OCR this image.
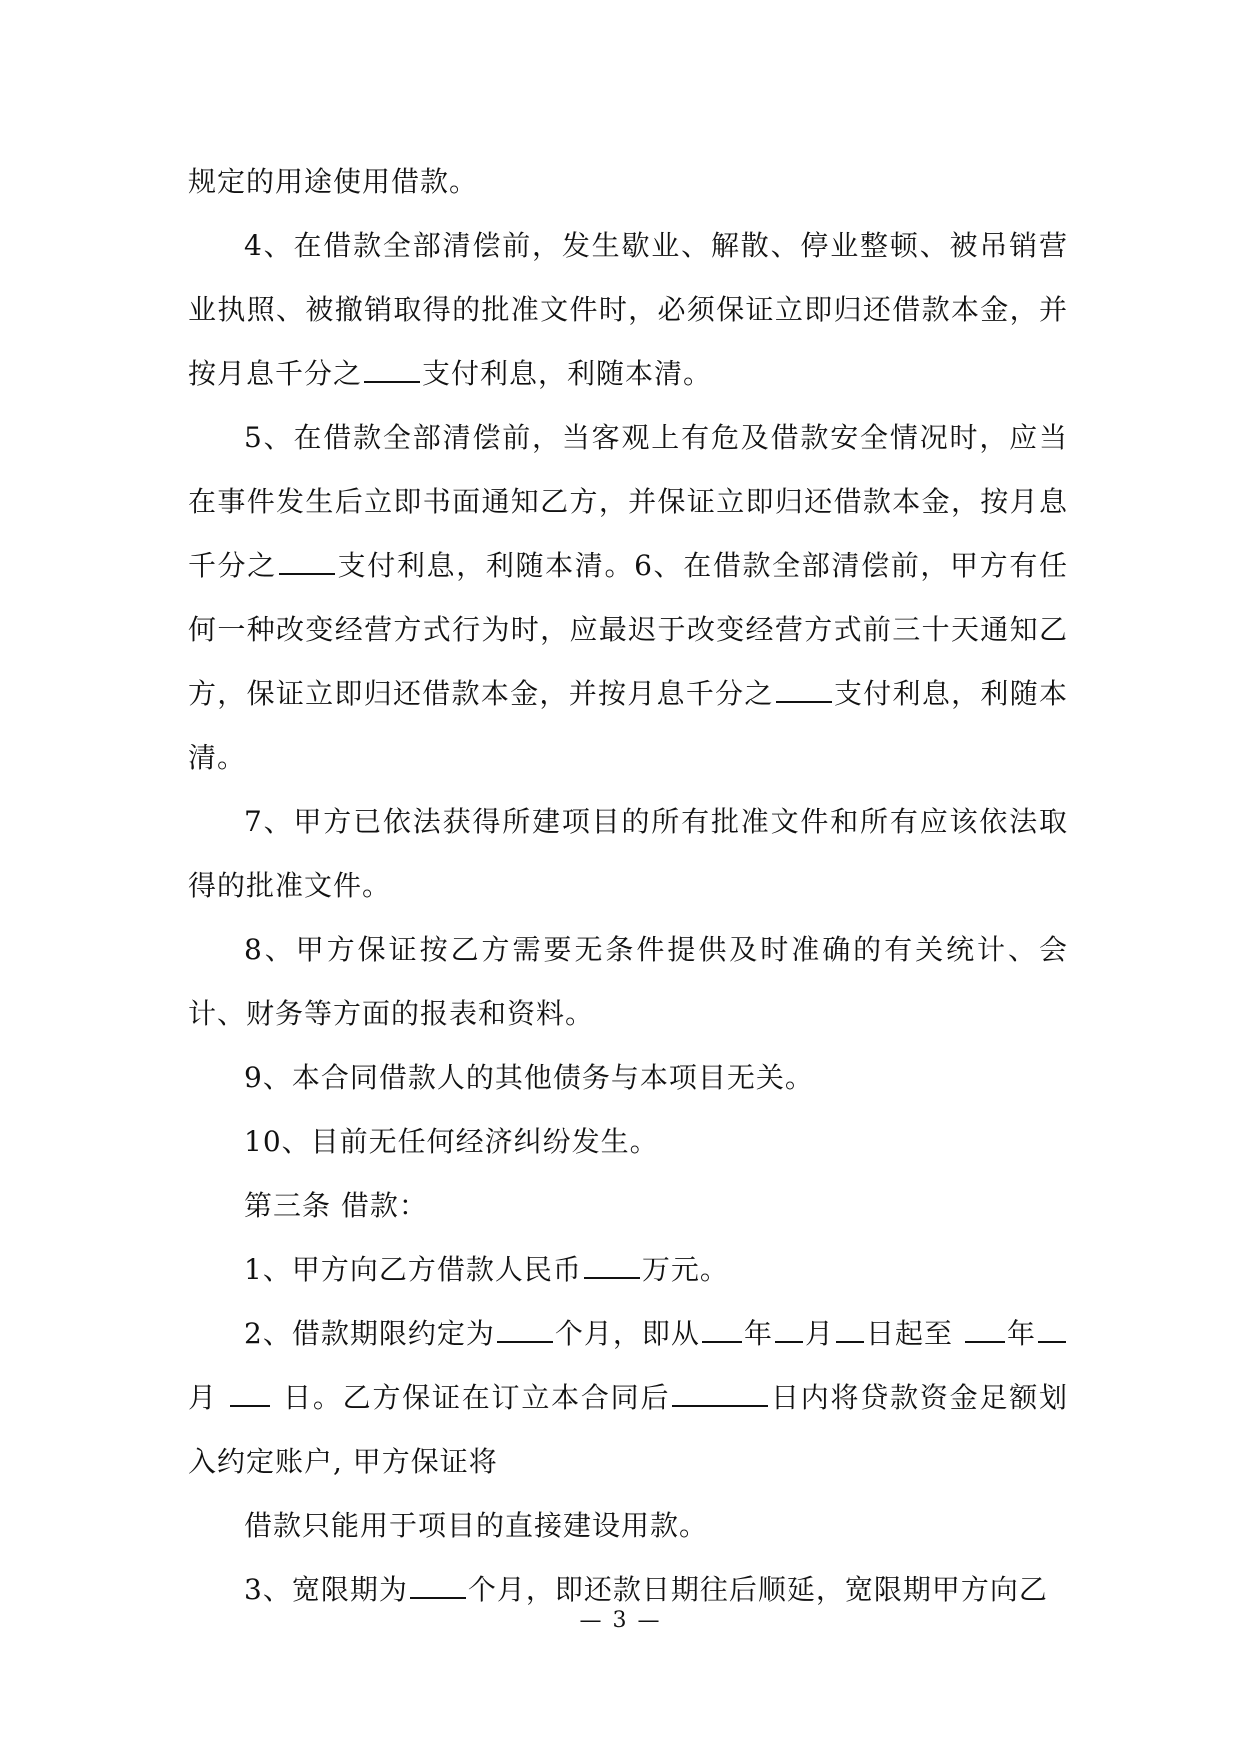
规定的用途使用借款。

4、在借款全部清偿前，发生歇业、解散、停业整顿、被吊销营业执照、被撤销取得的批准文件时，必须保证立即归还借款本金，并按月息千分之 支付利息，利随本清。

5、在借款全部清偿前，当客观上有危及借款安全情况时，应当在事件发生后立即书面通知乙方，并保证立即归还借款本金，按月息千分之 支付利息，利随本清。6、在借款全部清偿前，甲方有任何一种改变经营方式行为时，应最迟于改变经营方式前三十天通知乙方，保证立即归还借款本金，并按月息千分之 支付利息，利随本清。

7、甲方已依法获得所建项目的所有批准文件和所有应该依法取得的批准文件。

8、甲方保证按乙方需要无条件提供及时准确的有关统计、会计、财务等方面的报表和资料。

9、本合同借款人的其他债务与本项目无关。

10、目前无任何经济纠纷发生。

第三条 借款：

1、甲方向乙方借款人民币 万元。

2、借款期限约定为 个月，即从 年 月 日起至 年月  日。乙方保证在订立本合同后	日内将贷款资金足额划入约定账户, 甲方保证将

借款只能用于项目的直接建设用款。

3、宽限期为 个月，即还款日期往后顺延，宽限期甲方向乙

— 3 —
